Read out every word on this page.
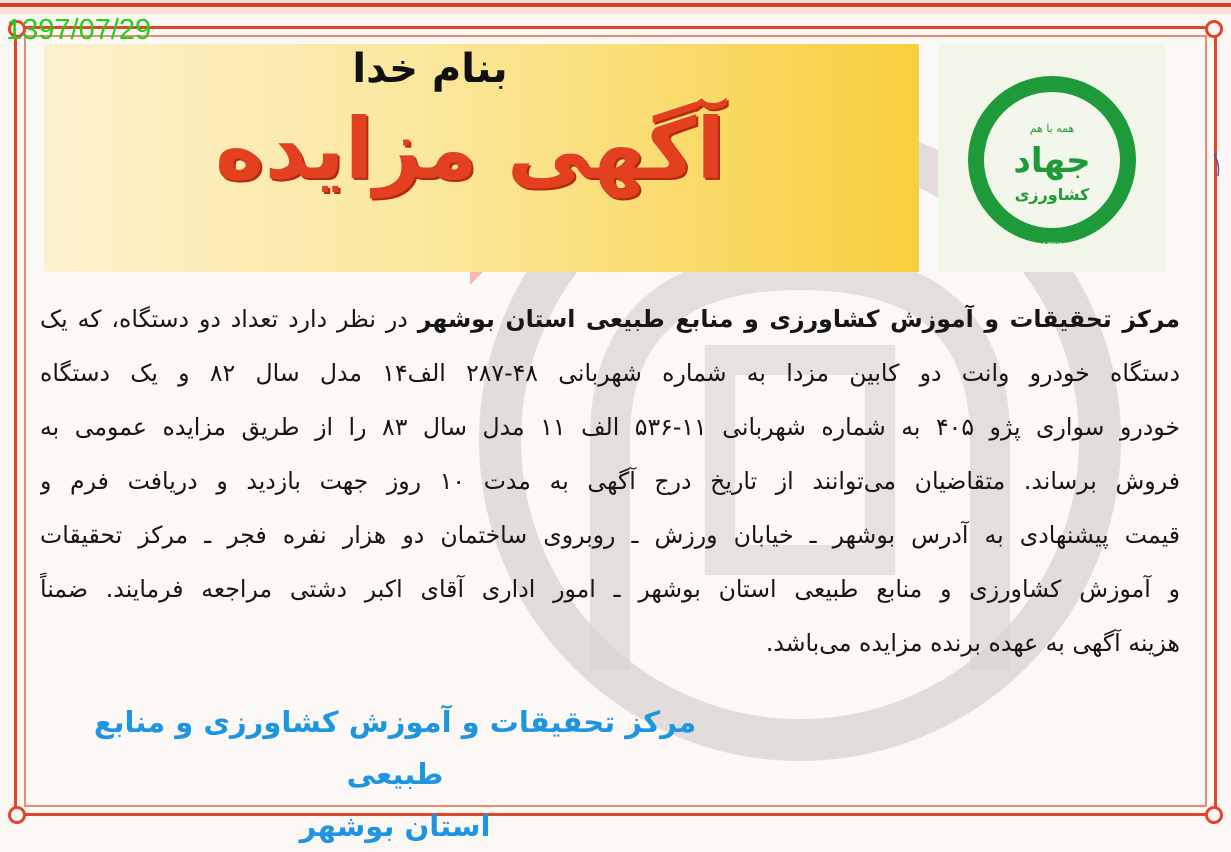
1397/07/29
بنام خدا
آگهی مزایده	همه با هم
جهاد
کشاورزی
۱۳۹۷
مرکز تحقیقات و آموزش کشاورزی و منابع طبیعی استان بوشهر در نظر دارد تعداد دو دستگاه، که یک
دستگاه خودرو وانت دو کابین مزدا به شماره شهربانی ۴۸-۲۸۷ الف۱۴ مدل سال ۸۲ و یک دستگاه
خودرو سواری پژو ۴۰۵ به شماره شهربانی ۱۱-۵۳۶ الف ۱۱ مدل سال ۸۳ را از طریق مزایده عمومی به
فروش برساند. متقاضیان می‌توانند از تاریخ درج آگهی به مدت ۱۰ روز جهت بازدید و دریافت فرم و
قیمت پیشنهادی به آدرس بوشهر ـ خیابان ورزش ـ روبروی ساختمان دو هزار نفره فجر ـ مرکز تحقیقات
و آموزش کشاورزی و منابع طبیعی استان بوشهر ـ امور اداری آقای اکبر دشتی مراجعه فرمایند. ضمناً
هزینه آگهی به عهده برنده مزایده می‌باشد.
مرکز تحقیقات و آموزش کشاورزی و منابع طبیعی
استان بوشهر
